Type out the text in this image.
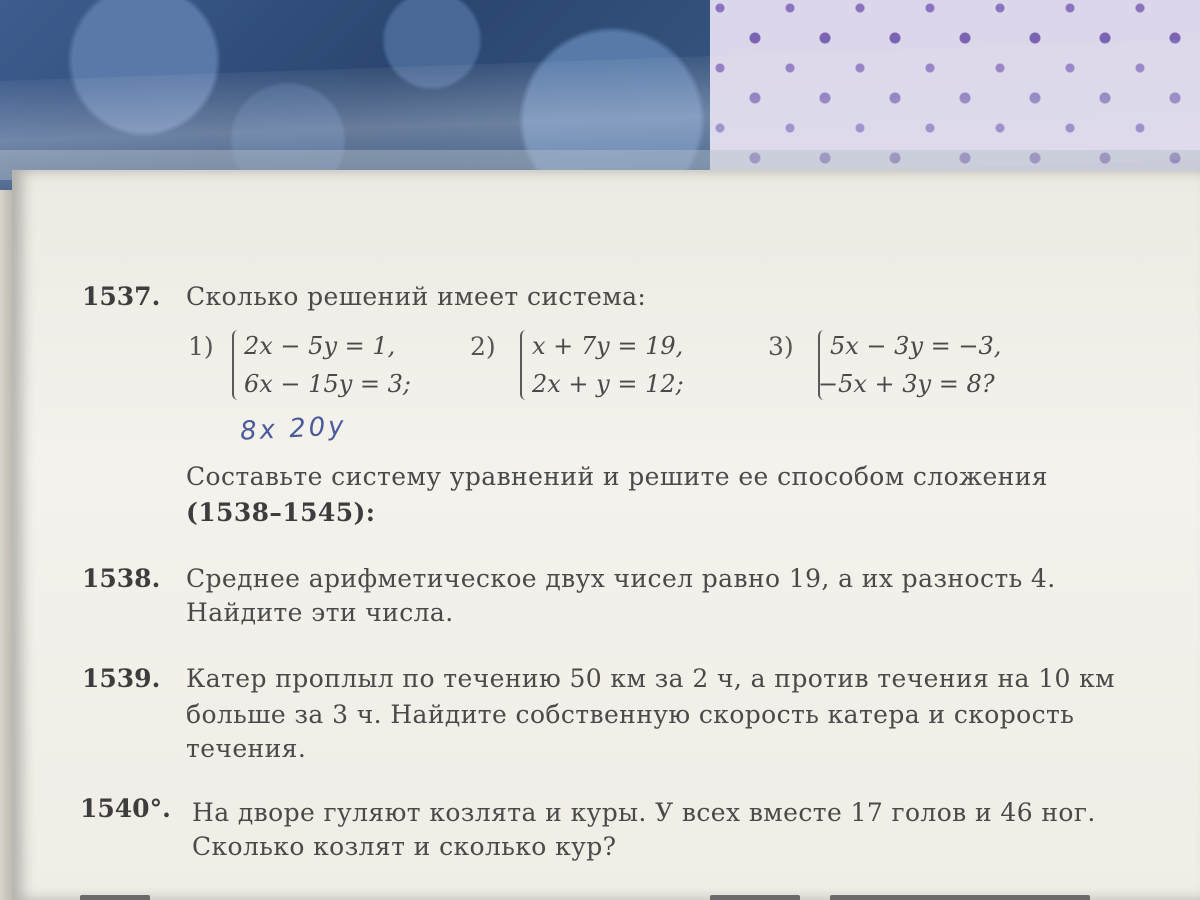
1537. Сколько решений имеет система:
1) 2x − 5y = 1,
6x − 15y = 3;
2) x + 7y = 19,
2x + y = 12;
3) 5x − 3y = −3,
−5x + 3y = 8?
8x 20y
Составьте систему уравнений и решите ее способом сложения
(1538–1545):
1538. Среднее арифметическое двух чисел равно 19, а их разность 4.
Найдите эти числа.
1539. Катер проплыл по течению 50 км за 2 ч, а против течения на 10 км
больше за 3 ч. Найдите собственную скорость катера и скорость
течения.
1540°. На дворе гуляют козлята и куры. У всех вместе 17 голов и 46 ног.
Сколько козлят и сколько кур?
